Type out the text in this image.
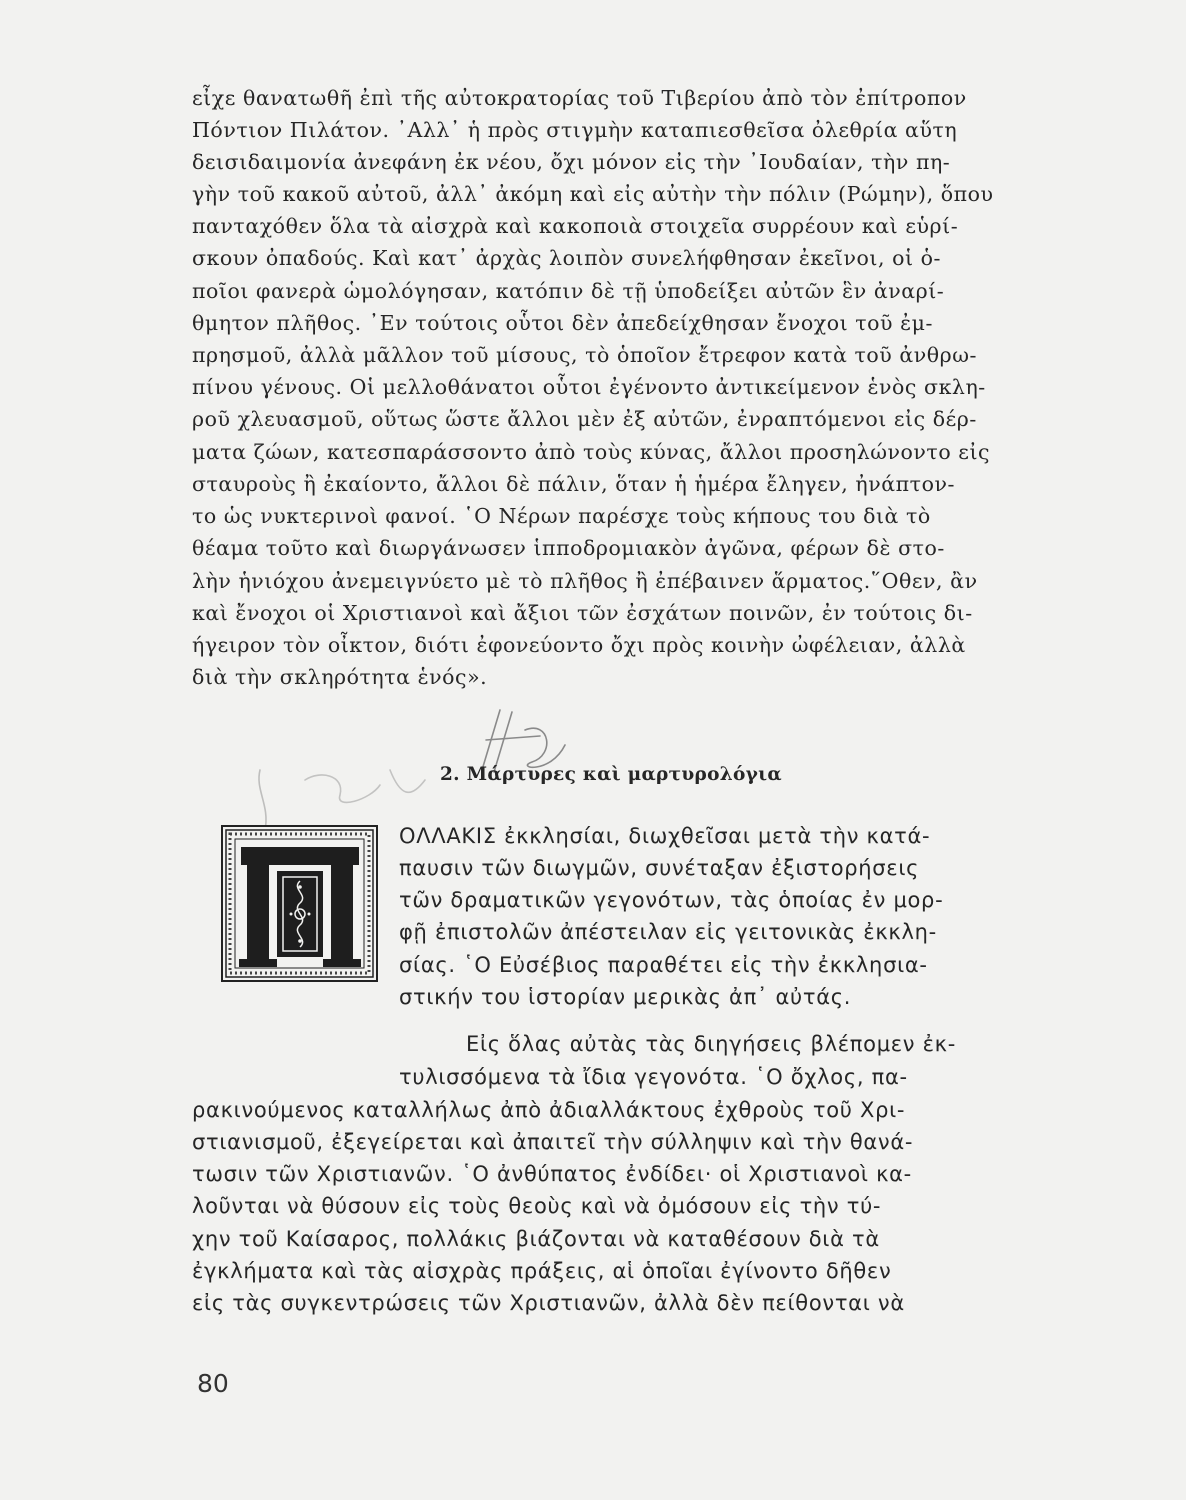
εἶχε θανατωθῆ ἐπὶ τῆς αὐτοκρατορίας τοῦ Τιβερίου ἀπὸ τὸν ἐπίτροπον
Πόντιον Πιλάτον. ᾿Αλλ᾿ ἡ πρὸς στιγμὴν καταπιεσθεῖσα ὀλεθρία αὕτη
δεισιδαιμονία ἀνεφάνη ἐκ νέου, ὄχι μόνον εἰς τὴν ᾿Ιουδαίαν, τὴν πη-
γὴν τοῦ κακοῦ αὐτοῦ, ἀλλ᾿ ἀκόμη καὶ εἰς αὐτὴν τὴν πόλιν (Ρώμην), ὅπου
πανταχόθεν ὅλα τὰ αἰσχρὰ καὶ κακοποιὰ στοιχεῖα συρρέουν καὶ εὑρί-
σκουν ὀπαδούς. Καὶ κατ᾿ ἀρχὰς λοιπὸν συνελήφθησαν ἐκεῖνοι, οἱ ὁ-
ποῖοι φανερὰ ὡμολόγησαν, κατόπιν δὲ τῇ ὑποδείξει αὐτῶν ἓν ἀναρί-
θμητον πλῆθος. ᾿Εν τούτοις οὗτοι δὲν ἀπεδείχθησαν ἔνοχοι τοῦ ἐμ-
πρησμοῦ, ἀλλὰ μᾶλλον τοῦ μίσους, τὸ ὁποῖον ἔτρεφον κατὰ τοῦ ἀνθρω-
πίνου γένους. Οἱ μελλοθάνατοι οὗτοι ἐγένοντο ἀντικείμενον ἑνὸς σκλη-
ροῦ χλευασμοῦ, οὕτως ὥστε ἄλλοι μὲν ἐξ αὐτῶν, ἐνραπτόμενοι εἰς δέρ-
ματα ζώων, κατεσπαράσσοντο ἀπὸ τοὺς κύνας, ἄλλοι προσηλώνοντο εἰς
σταυροὺς ἢ ἐκαίοντο, ἄλλοι δὲ πάλιν, ὅταν ἡ ἡμέρα ἔληγεν, ἠνάπτον-
το ὡς νυκτερινοὶ φανοί. ῾Ο Νέρων παρέσχε τοὺς κήπους του διὰ τὸ
θέαμα τοῦτο καὶ διωργάνωσεν ἱπποδρομιακὸν ἀγῶνα, φέρων δὲ στο-
λὴν ἡνιόχου ἀνεμειγνύετο μὲ τὸ πλῆθος ἢ ἐπέβαινεν ἅρματος.῞Οθεν, ἂν
καὶ ἔνοχοι οἱ Χριστιανοὶ καὶ ἄξιοι τῶν ἐσχάτων ποινῶν, ἐν τούτοις δι-
ήγειρον τὸν οἶκτον, διότι ἐφονεύοντο ὄχι πρὸς κοινὴν ὠφέλειαν, ἀλλὰ
διὰ τὴν σκληρότητα ἑνός».
2. Μάρτυρες καὶ μαρτυρολόγια
ΟΛΛΑΚΙΣ ἐκκλησίαι, διωχθεῖσαι μετὰ τὴν κατά-
παυσιν τῶν διωγμῶν, συνέταξαν ἐξιστορήσεις
τῶν δραματικῶν γεγονότων, τὰς ὁποίας ἐν μορ-
φῇ ἐπιστολῶν ἀπέστειλαν εἰς γειτονικὰς ἐκκλη-
σίας. ῾Ο Εὐσέβιος παραθέτει εἰς τὴν ἐκκλησια-
στικήν του ἱστορίαν μερικὰς ἀπ᾿ αὐτάς.
Εἰς ὅλας αὐτὰς τὰς διηγήσεις βλέπομεν ἐκ-
τυλισσόμενα τὰ ἴδια γεγονότα. ῾Ο ὄχλος, πα-
ρακινούμενος καταλλήλως ἀπὸ ἀδιαλλάκτους ἐχθροὺς τοῦ Χρι-
στιανισμοῦ, ἐξεγείρεται καὶ ἀπαιτεῖ τὴν σύλληψιν καὶ τὴν θανά-
τωσιν τῶν Χριστιανῶν. ῾Ο ἀνθύπατος ἐνδίδει· οἱ Χριστιανοὶ κα-
λοῦνται νὰ θύσουν εἰς τοὺς θεοὺς καὶ νὰ ὀμόσουν εἰς τὴν τύ-
χην τοῦ Καίσαρος, πολλάκις βιάζονται νὰ καταθέσουν διὰ τὰ
ἐγκλήματα καὶ τὰς αἰσχρὰς πράξεις, αἱ ὁποῖαι ἐγίνοντο δῆθεν
εἰς τὰς συγκεντρώσεις τῶν Χριστιανῶν, ἀλλὰ δὲν πείθονται νὰ
80
